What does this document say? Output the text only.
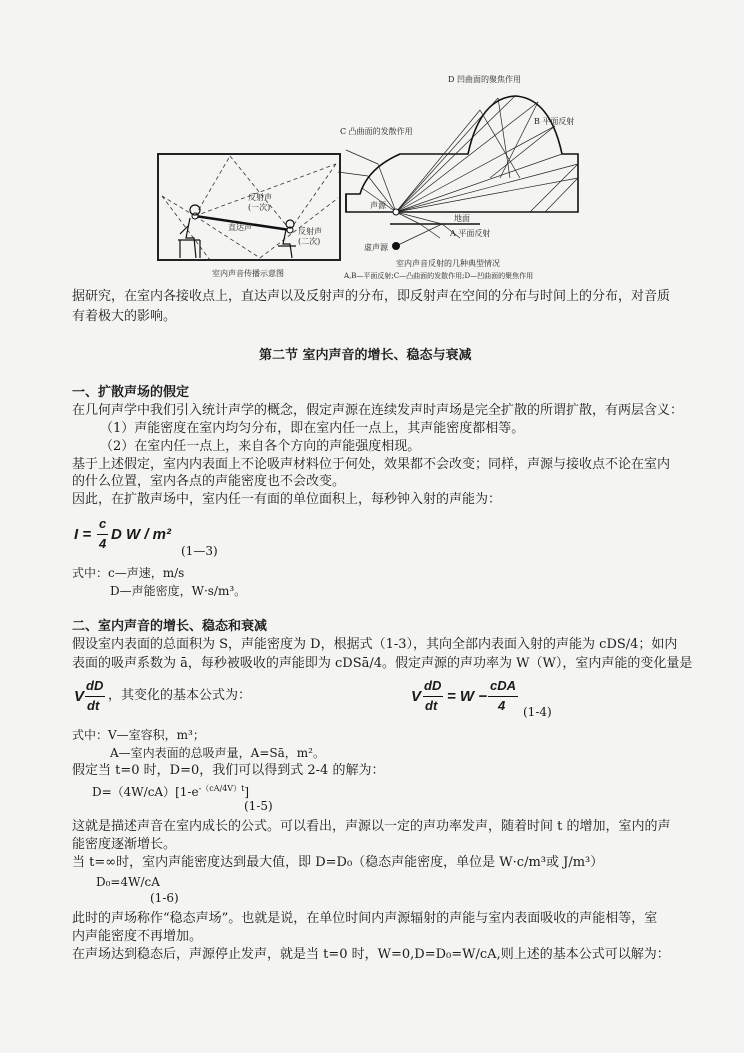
反射声
(一次)
直达声	反射声
(二次)
室内声音传播示意图
D 凹曲面的聚焦作用
B 平面反射
C 凸曲面的发散作用
声源
地面
A 平面反射
虚声源
室内声音反射的几种典型情况
A,B—平面反射;C—凸曲面的发散作用;D—凹曲面的聚焦作用
据研究，在室内各接收点上，直达声以及反射声的分布，即反射声在空间的分布与时间上的分布，对音质
有着极大的影响。
第二节 室内声音的增长、稳态与衰减
一、扩散声场的假定
在几何声学中我们引入统计声学的概念，假定声源在连续发声时声场是完全扩散的所谓扩散，有两层含义：
（1）声能密度在室内均匀分布，即在室内任一点上，其声能密度都相等。
（2）在室内任一点上，来自各个方向的声能强度相现。
基于上述假定，室内内表面上不论吸声材料位于何处，效果都不会改变；同样，声源与接收点不论在室内
的什么位置，室内各点的声能密度也不会改变。
因此，在扩散声场中，室内任一有面的单位面积上，每秒钟入射的声能为：
I =
c
4
D W / m²
(1—3)
式中：c—声速，m/s
D—声能密度，W·s/m³。
二、室内声音的增长、稳态和衰减
假设室内表面的总面积为 S，声能密度为 D，根据式（1-3），其向全部内表面入射的声能为 cDS/4；如内
表面的吸声系数为 ā，每秒被吸收的声能即为 cDSā/4。假定声源的声功率为 W（W），室内声能的变化量是
V
dD
dt
，其变化的基本公式为：	V
dD
dt
= W −
cDA
4 (1-4)
式中：V—室容积，m³；
A—室内表面的总吸声量，A=Sā，m²。
假定当 t=0 时，D=0，我们可以得到式 2-4 的解为：
$D=(4W/cA)[1-e^{-(cA/4V)t}]$
(1-5)
这就是描述声音在室内成长的公式。可以看出，声源以一定的声功率发声，随着时间 t 的增加，室内的声
能密度逐渐增长。
当 t=∞时，室内声能密度达到最大值，即 D=D₀（稳态声能密度，单位是 W·c/m³或 J/m³）
D₀=4W/cA
(1-6)
此时的声场称作“稳态声场”。也就是说，在单位时间内声源辐射的声能与室内表面吸收的声能相等，室
内声能密度不再增加。
在声场达到稳态后，声源停止发声，就是当 t=0 时，W=0,D=D₀=W/cA,则上述的基本公式可以解为：
